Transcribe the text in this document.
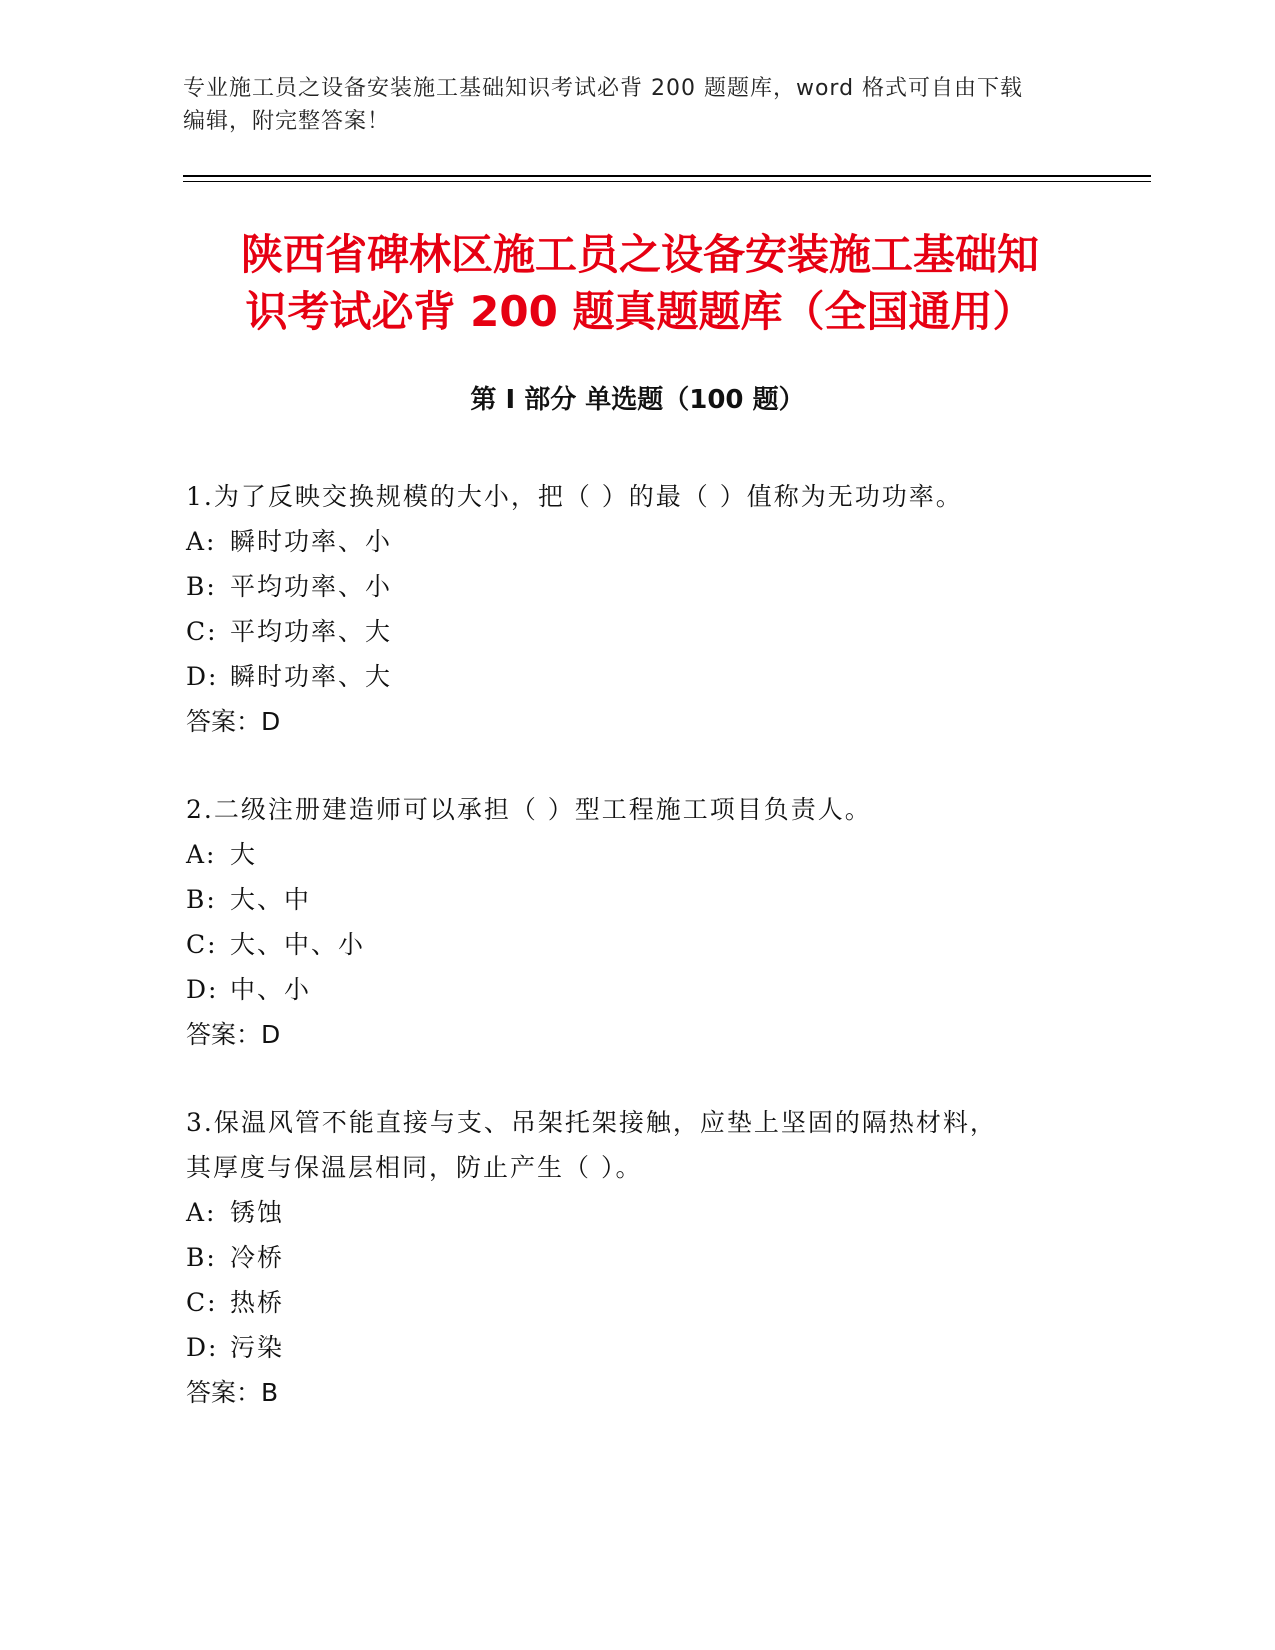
专业施工员之设备安装施工基础知识考试必背 200 题题库，word 格式可自由下载
编辑，附完整答案！
陕西省碑林区施工员之设备安装施工基础知
识考试必背 200 题真题题库（全国通用）
第 I 部分 单选题（100 题）
1.为了反映交换规模的大小，把（ ）的最（ ）值称为无功功率。
A: 瞬时功率、小
B: 平均功率、小
C: 平均功率、大
D: 瞬时功率、大
答案：D
2.二级注册建造师可以承担（ ）型工程施工项目负责人。
A: 大
B: 大、中
C: 大、中、小
D: 中、小
答案：D
3.保温风管不能直接与支、吊架托架接触，应垫上坚固的隔热材料，
其厚度与保温层相同，防止产生（ ）。
A: 锈蚀
B: 冷桥
C: 热桥
D: 污染
答案：B
